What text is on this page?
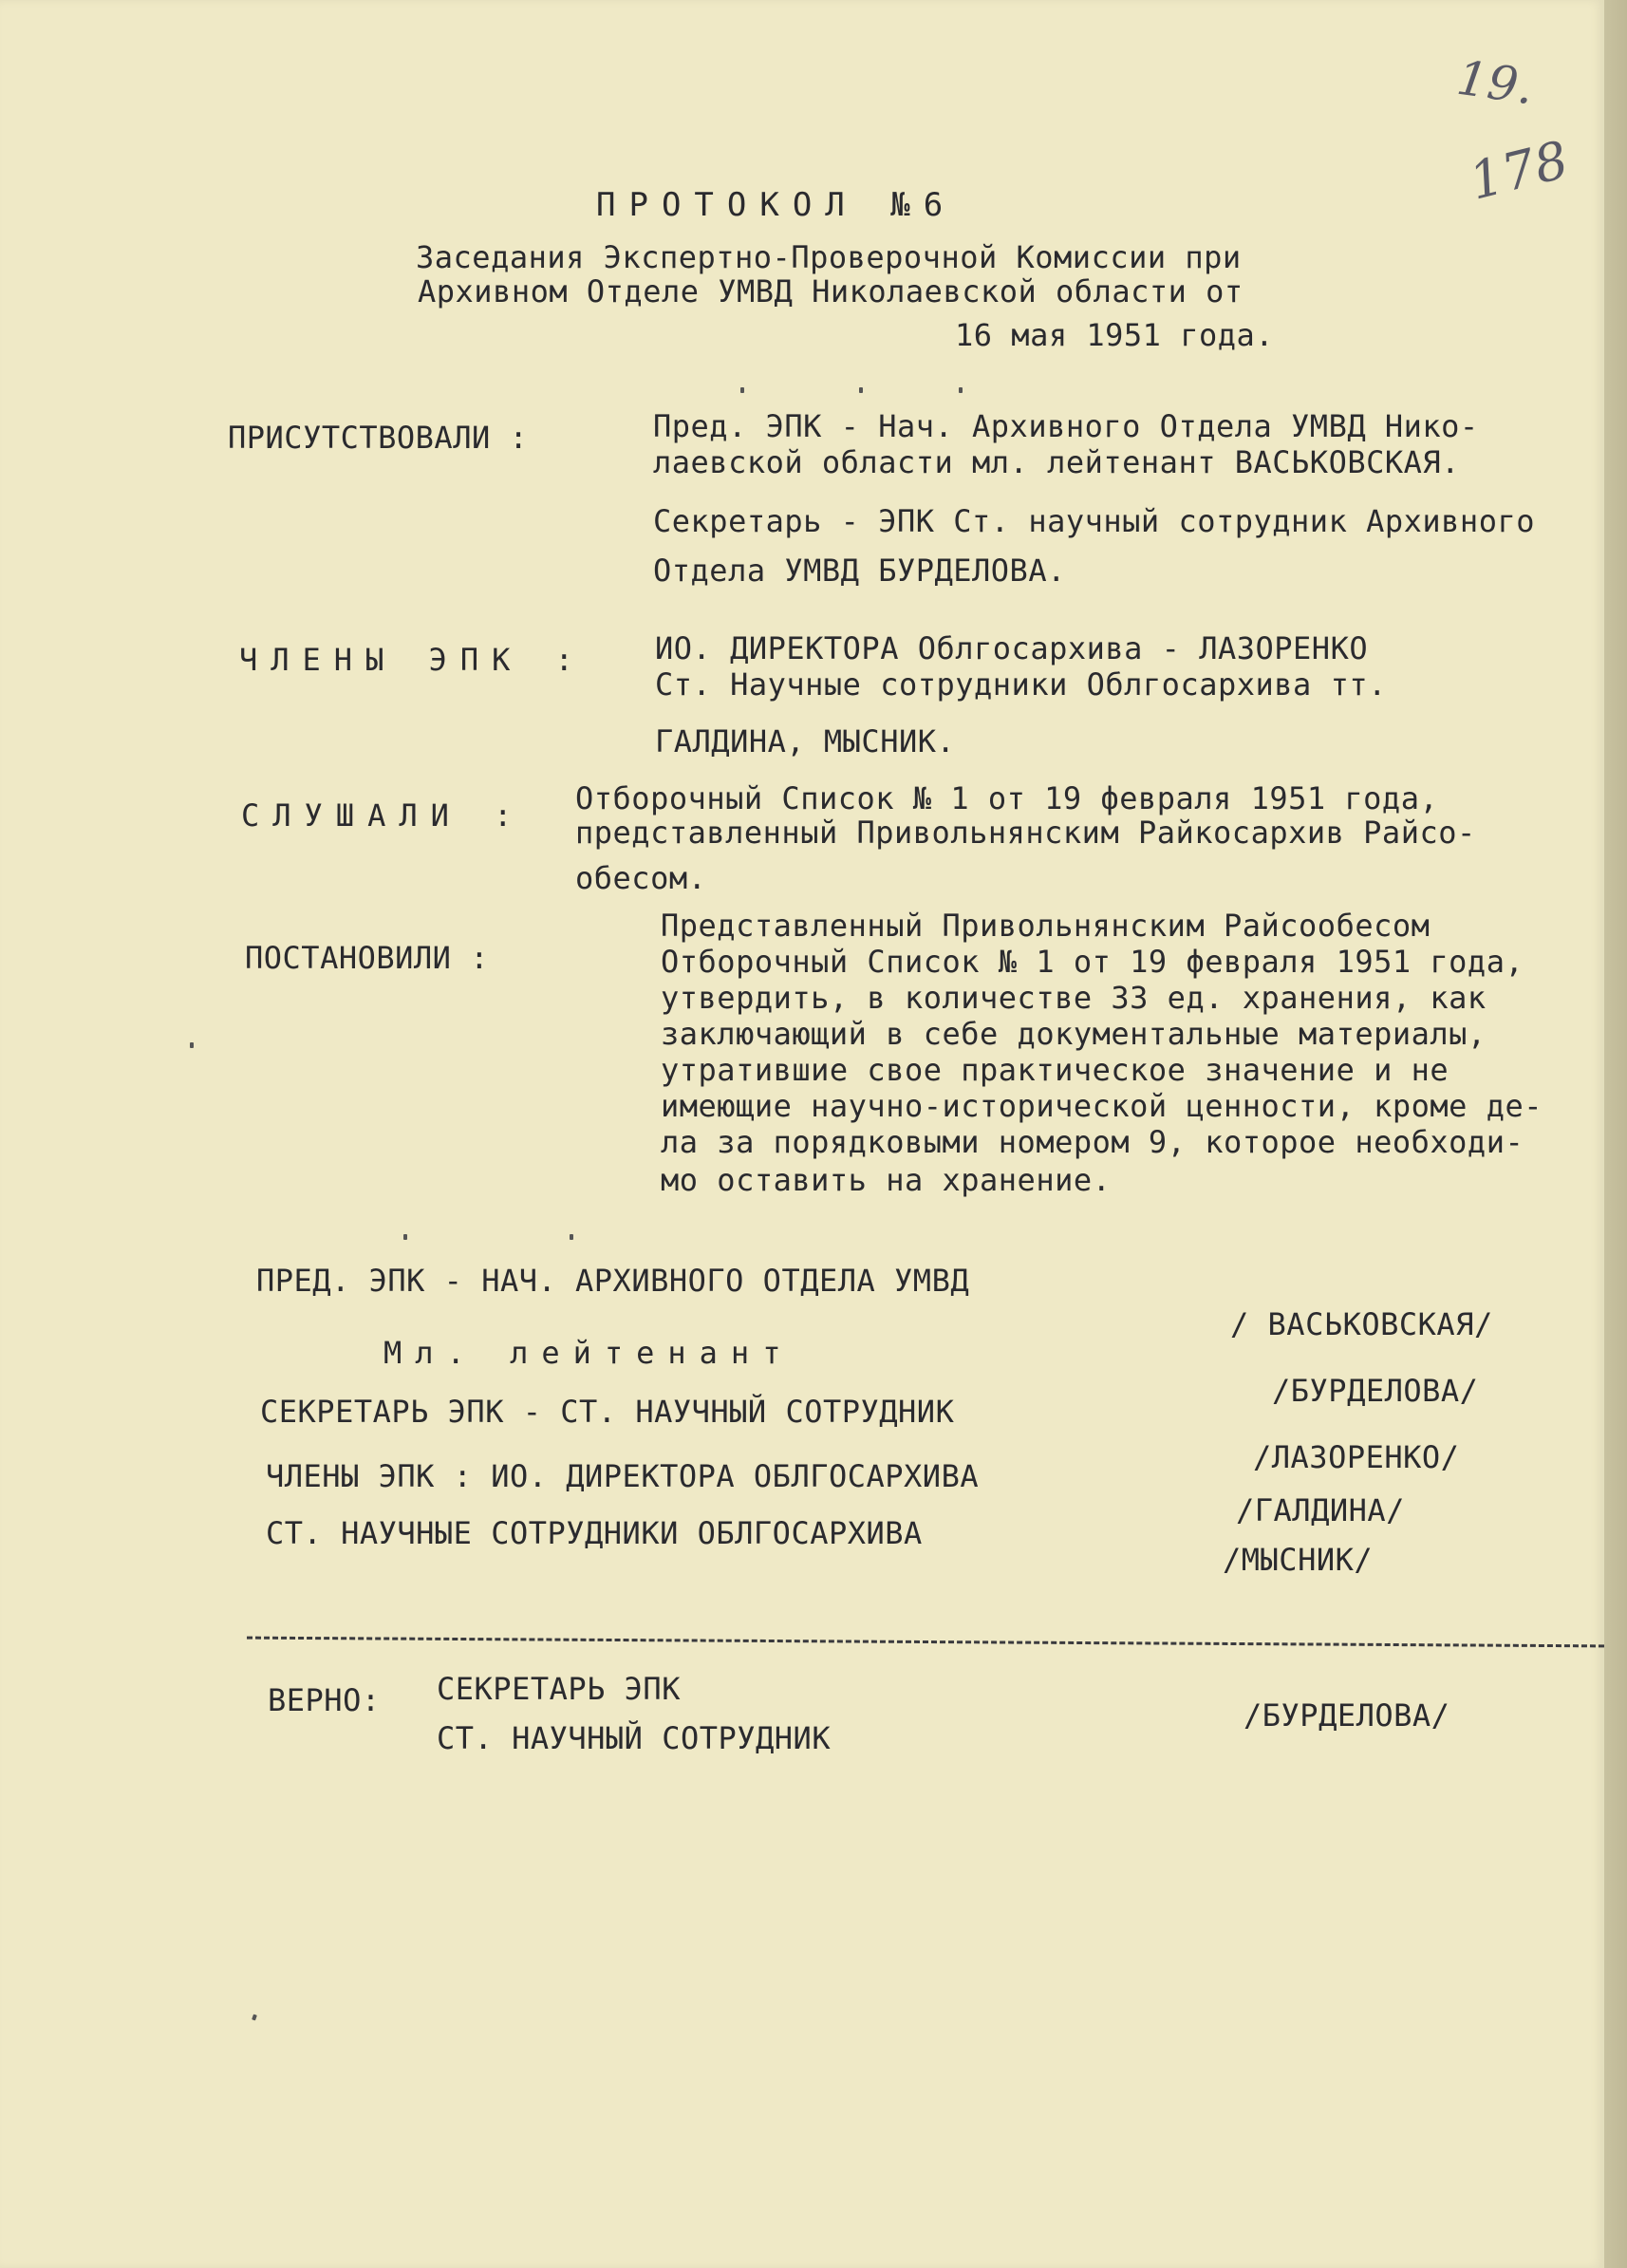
19.
178
ПРОТОКОЛ №6
Заседания Экспертно-Проверочной Комиссии при
Архивном Отделе УМВД Николаевской области от
16 мая 1951 года.
ПРИСУТСТВОВАЛИ :	Пред. ЭПК - Нач. Архивного Отдела УМВД Нико-
лаевской области мл. лейтенант ВАСЬКОВСКАЯ.
Секретарь - ЭПК Ст. научный сотрудник Архивного
Отдела УМВД БУРДЕЛОВА.
ЧЛЕНЫ ЭПК : ИО. ДИРЕКТОРА Облгосархива - ЛАЗОРЕНКО
Ст. Научные сотрудники Облгосархива тт.
ГАЛДИНА, МЫСНИК.
СЛУШАЛИ : Отборочный Список № 1 от 19 февраля 1951 года,
представленный Привольнянским Райкосархив Райсо-
обесом.
ПОСТАНОВИЛИ :
Представленный Привольнянским Райсообесом
Отборочный Список № 1 от 19 февраля 1951 года,
утвердить, в количестве 33 ед. хранения, как
заключающий в себе документальные материалы,
утратившие свое практическое значение и не
имеющие научно-исторической ценности, кроме де-
ла за порядковыми номером 9, которое необходи-
мо оставить на хранение.
ПРЕД. ЭПК - НАЧ. АРХИВНОГО ОТДЕЛА УМВД
Мл. лейтенант
/ ВАСЬКОВСКАЯ/
СЕКРЕТАРЬ ЭПК - СТ. НАУЧНЫЙ СОТРУДНИК
/БУРДЕЛОВА/
ЧЛЕНЫ ЭПК : ИО. ДИРЕКТОРА ОБЛГОСАРХИВА
/ЛАЗОРЕНКО/
СТ. НАУЧНЫЕ СОТРУДНИКИ ОБЛГОСАРХИВА
/ГАЛДИНА/
/МЫСНИК/
ВЕРНО: СЕКРЕТАРЬ ЭПК
СТ. НАУЧНЫЙ СОТРУДНИК
/БУРДЕЛОВА/
